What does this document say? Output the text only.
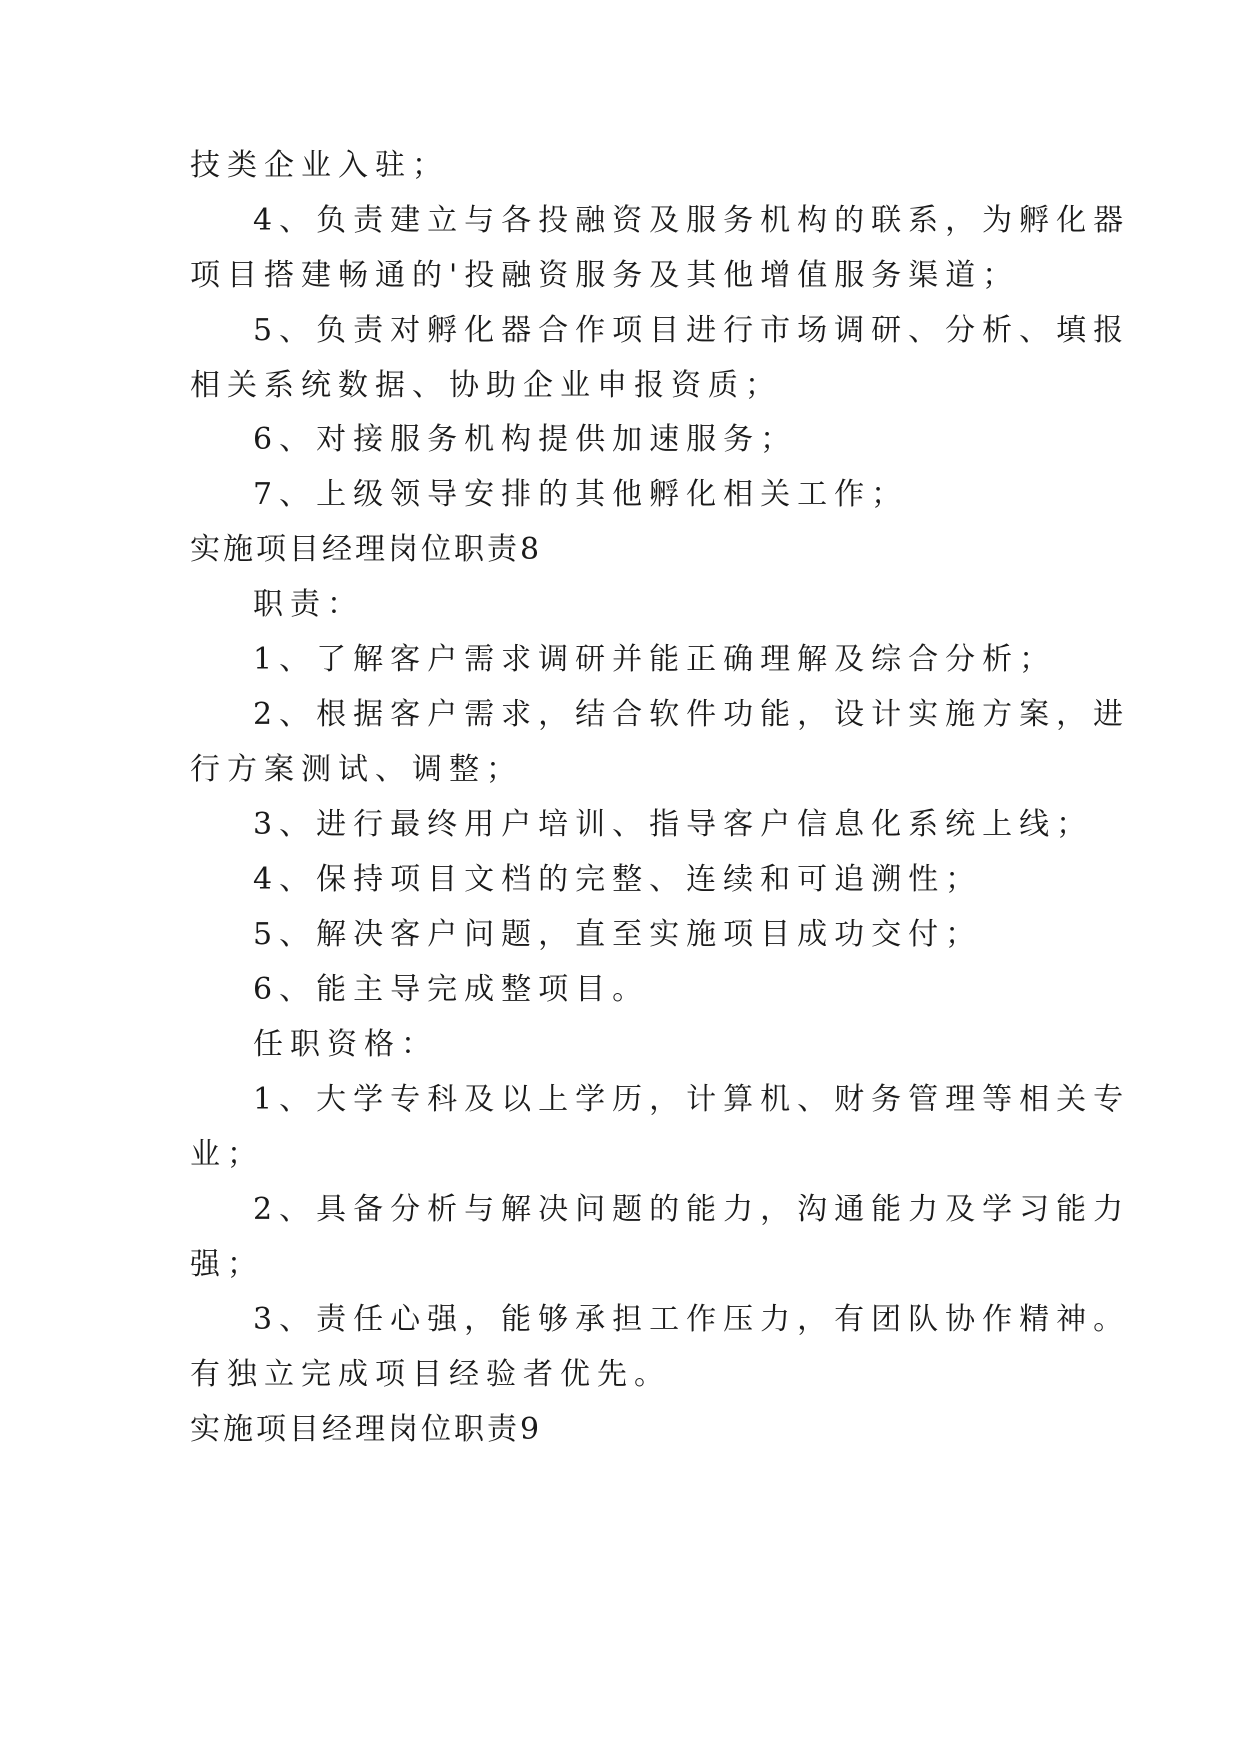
技类企业入驻；
4、负责建立与各投融资及服务机构的联系，为孵化器
项目搭建畅通的'投融资服务及其他增值服务渠道；
5、负责对孵化器合作项目进行市场调研、分析、填报
相关系统数据、协助企业申报资质；
6、对接服务机构提供加速服务；
7、上级领导安排的其他孵化相关工作；
实施项目经理岗位职责8
职责：
1、了解客户需求调研并能正确理解及综合分析；
2、根据客户需求，结合软件功能，设计实施方案，进
行方案测试、调整；
3、进行最终用户培训、指导客户信息化系统上线；
4、保持项目文档的完整、连续和可追溯性；
5、解决客户问题，直至实施项目成功交付；
6、能主导完成整项目。
任职资格：
1、大学专科及以上学历，计算机、财务管理等相关专
业；
2、具备分析与解决问题的能力，沟通能力及学习能力
强；
3、责任心强，能够承担工作压力，有团队协作精神。
有独立完成项目经验者优先。
实施项目经理岗位职责9
